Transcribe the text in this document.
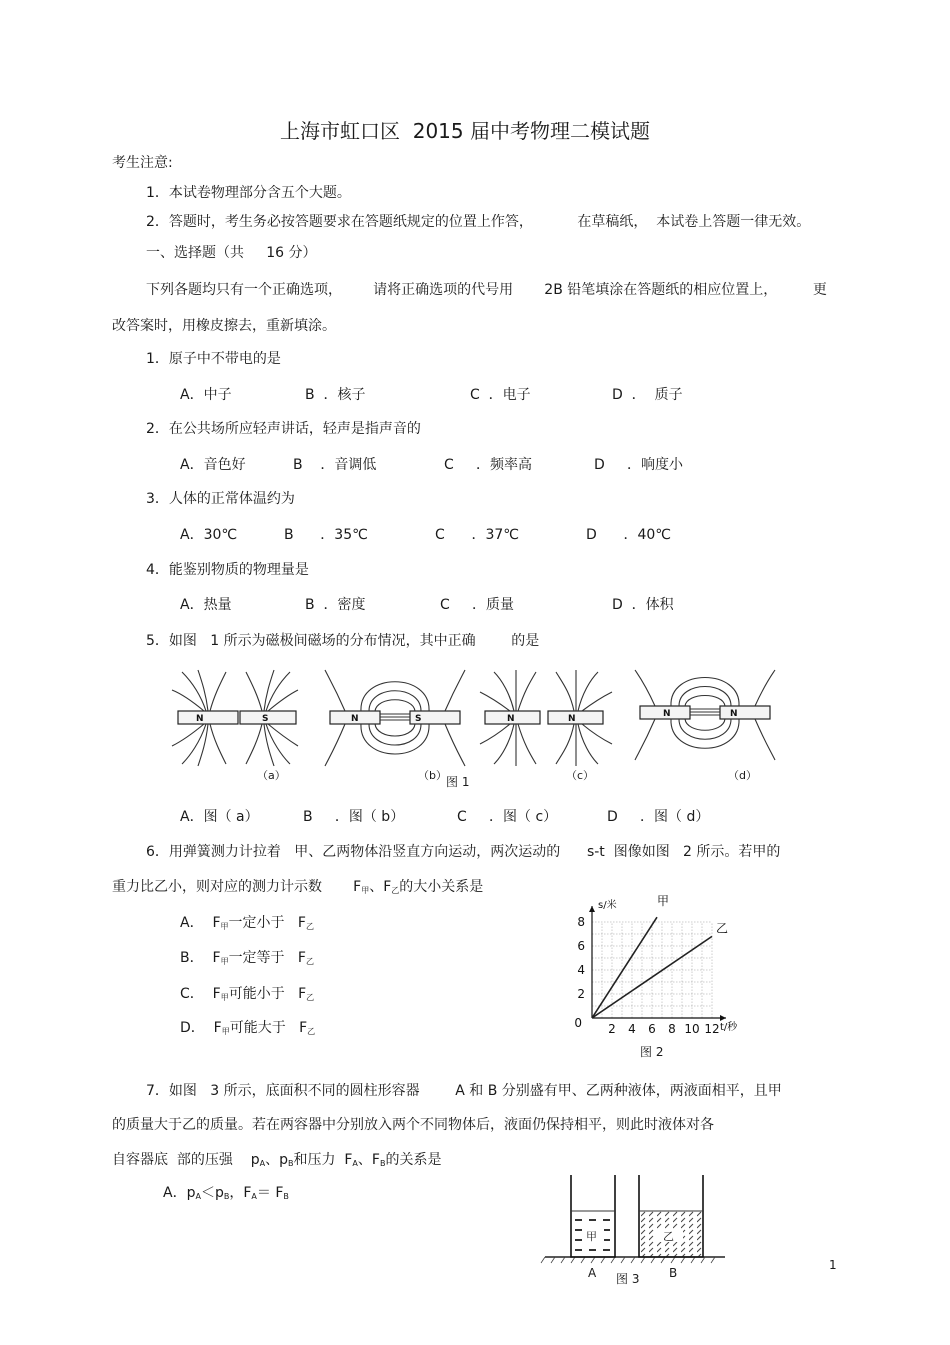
上海市虹口区  2015 届中考物理二模试题
考生注意:
1．本试卷物理部分含五个大题。
2．答题时，考生务必按答题要求在答题纸规定的位置上作答，          在草稿纸，  本试卷上答题一律无效。
一、选择题（共     16 分）
下列各题均只有一个正确选项，       请将正确选项的代号用       2B 铅笔填涂在答题纸的相应位置上，        更
改答案时，用橡皮擦去，重新填涂。
1．原子中不带电的是
A．中子	B  ．核子	C  ．电子	D  ．  质子
2．在公共场所应轻声讲话，轻声是指声音的
A．音色好	B    ．音调低	C     ．频率高	D     ．响度小
3．人体的正常体温约为
A．30℃	B      ．35℃	C      ．37℃	D      ．40℃
4．能鉴别物质的物理量是
A．热量	B  ．密度	C     ．质量	D  ．体积
5．如图   1 所示为磁极间磁场的分布情况，其中正确        的是
N	S	N	S	N	N	N	N
（a）	（b） 图 1	（c）	（d）
A．图（ a）	B     ．图（ b）	C     ．图（ c）	D     ．图（ d）
6．用弹簧测力计拉着   甲、乙两物体沿竖直方向运动，两次运动的      s-t  图像如图   2 所示。若甲的
重力比乙小，则对应的测力计示数       $F_甲$、$F_乙$的大小关系是
A．  $F_甲$一定小于   $F_乙$
B．  $F_甲$一定等于   $F_乙$
C．  $F_甲$可能小于   $F_乙$
D．  $F_甲$可能大于   $F_乙$	2 4 6 8 10 12
2
4
6
8
0
s/米
t/秒
甲
乙
图 2
7．如图   3 所示，底面积不同的圆柱形容器        A 和 B 分别盛有甲、乙两种液体，两液面相平，且甲
的质量大于乙的质量。若在两容器中分别放入两个不同物体后，液面仍保持相平，则此时液体对各
自容器底  部的压强    $p_A$、$p_B$和压力  $F_A$、$F_B$的关系是
A．$p_A<p_B$，$F_A= F_B$
甲	乙
A 图 3 B
1
